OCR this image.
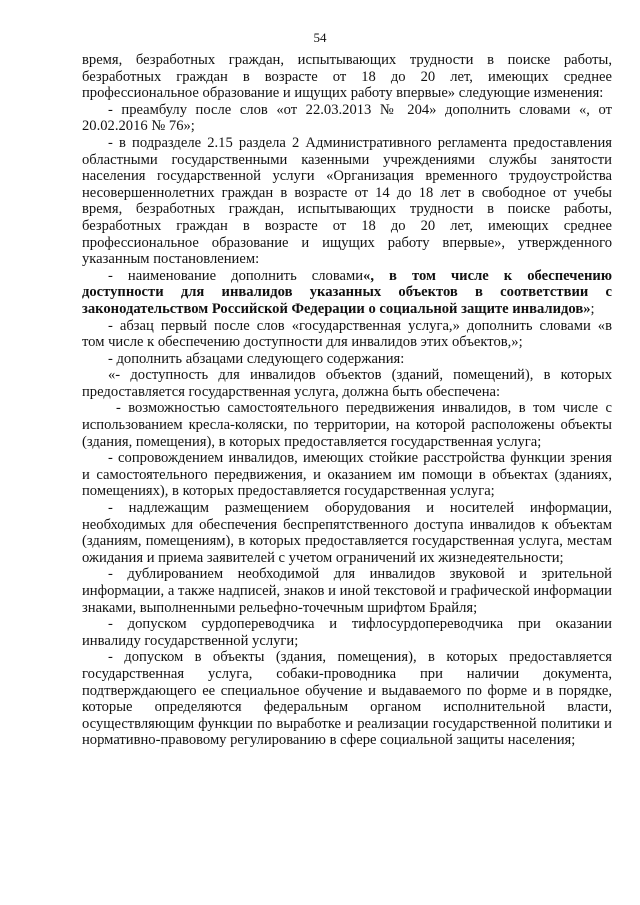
54
время, безработных граждан, испытывающих трудности в поиске работы,
безработных граждан в возрасте от 18 до 20 лет, имеющих среднее
профессиональное образование и ищущих работу впервые» следующие изменения:
- преамбулу после слов «от 22.03.2013 № 204» дополнить словами «, от
20.02.2016 № 76»;
- в подразделе 2.15 раздела 2 Административного регламента предоставления
областными государственными казенными учреждениями службы занятости
населения государственной услуги «Организация временного трудоустройства
несовершеннолетних граждан в возрасте от 14 до 18 лет в свободное от учебы
время, безработных граждан, испытывающих трудности в поиске работы,
безработных граждан в возрасте от 18 до 20 лет, имеющих среднее
профессиональное образование и ищущих работу впервые», утвержденного
указанным постановлением:
- наименование дополнить словами«, в том числе к обеспечению
доступности для инвалидов указанных объектов в соответствии с
законодательством Российской Федерации о социальной защите инвалидов»;
- абзац первый после слов «государственная услуга,» дополнить словами «в
том числе к обеспечению доступности для инвалидов этих объектов,»;
- дополнить абзацами следующего содержания:
«- доступность для инвалидов объектов (зданий, помещений), в которых
предоставляется государственная услуга, должна быть обеспечена:
- возможностью самостоятельного передвижения инвалидов, в том числе с
использованием кресла-коляски, по территории, на которой расположены объекты
(здания, помещения), в которых предоставляется государственная услуга;
- сопровождением инвалидов, имеющих стойкие расстройства функции зрения
и самостоятельного передвижения, и оказанием им помощи в объектах (зданиях,
помещениях), в которых предоставляется государственная услуга;
- надлежащим размещением оборудования и носителей информации,
необходимых для обеспечения беспрепятственного доступа инвалидов к объектам
(зданиям, помещениям), в которых предоставляется государственная услуга, местам
ожидания и приема заявителей с учетом ограничений их жизнедеятельности;
- дублированием необходимой для инвалидов звуковой и зрительной
информации, а также надписей, знаков и иной текстовой и графической информации
знаками, выполненными рельефно-точечным шрифтом Брайля;
- допуском сурдопереводчика и тифлосурдопереводчика при оказании
инвалиду государственной услуги;
- допуском в объекты (здания, помещения), в которых предоставляется
государственная услуга, собаки-проводника при наличии документа,
подтверждающего ее специальное обучение и выдаваемого по форме и в порядке,
которые определяются федеральным органом исполнительной власти,
осуществляющим функции по выработке и реализации государственной политики и
нормативно-правовому регулированию в сфере социальной защиты населения;
